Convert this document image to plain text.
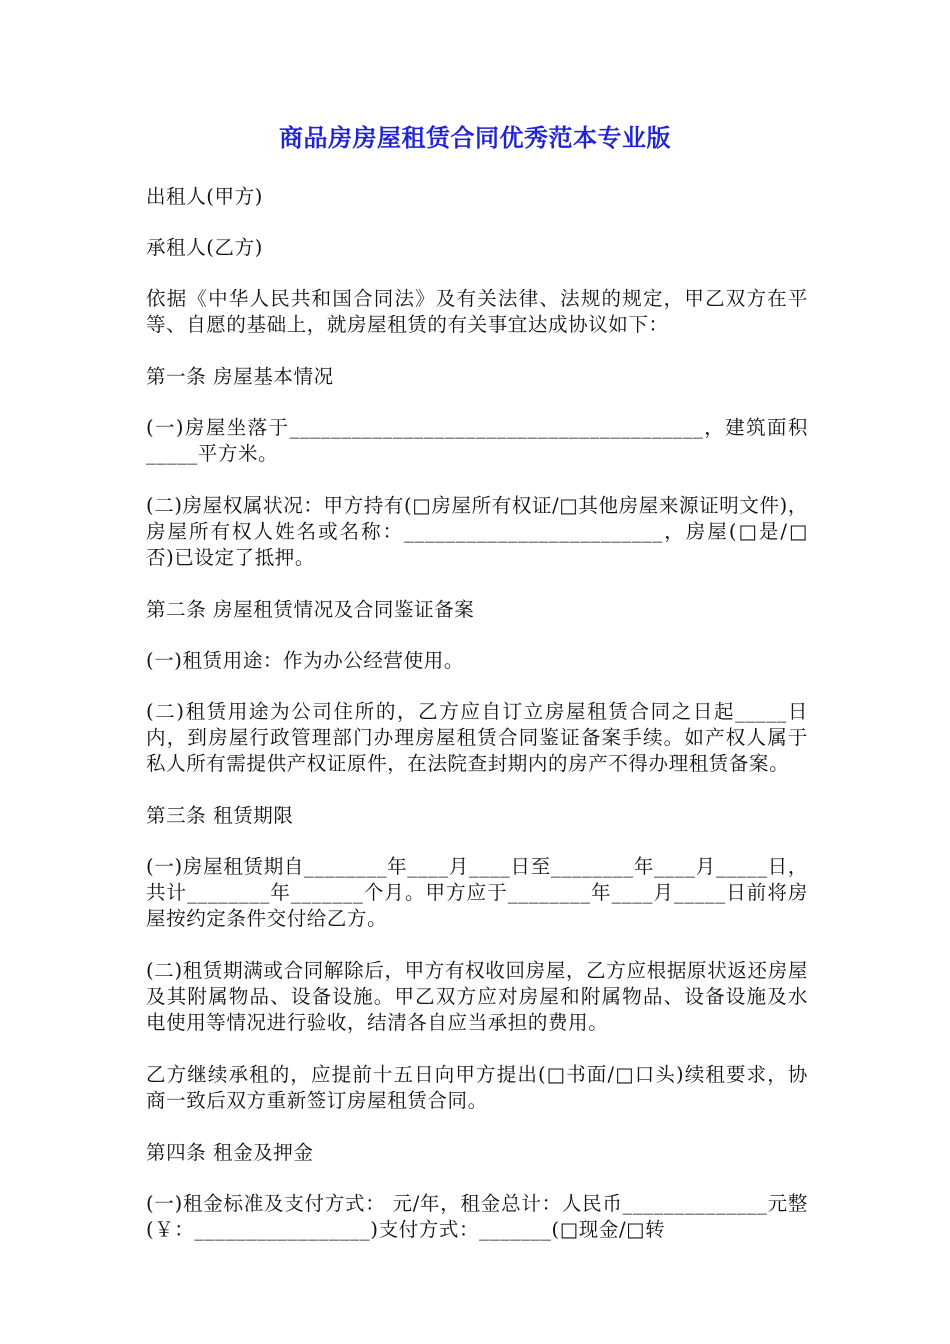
商品房房屋租赁合同优秀范本专业版

出租人(甲方)

承租人(乙方)

依据《中华人民共和国合同法》及有关法律、法规的规定，甲乙双方在平等、自愿的基础上，就房屋租赁的有关事宜达成协议如下：

第一条 房屋基本情况

(一)房屋坐落于________________________________________，建筑面积 _____平方米。

(二)房屋权属状况：甲方持有(□房屋所有权证/□其他房屋来源证明文件)，房屋所有权人姓名或名称：_________________________，房屋(□是/□否)已设定了抵押。

第二条 房屋租赁情况及合同鉴证备案

(一)租赁用途：作为办公经营使用。

(二)租赁用途为公司住所的，乙方应自订立房屋租赁合同之日起_____日内，到房屋行政管理部门办理房屋租赁合同鉴证备案手续。如产权人属于私人所有需提供产权证原件，在法院查封期内的房产不得办理租赁备案。

第三条 租赁期限

(一)房屋租赁期自________年____月____日至________年____月_____日，共计________年_______个月。甲方应于________年____月_____日前将房屋按约定条件交付给乙方。

(二)租赁期满或合同解除后，甲方有权收回房屋，乙方应根据原状返还房屋及其附属物品、设备设施。甲乙双方应对房屋和附属物品、设备设施及水电使用等情况进行验收，结清各自应当承担的费用。

乙方继续承租的，应提前十五日向甲方提出(□书面/□口头)续租要求，协商一致后双方重新签订房屋租赁合同。

第四条 租金及押金

(一)租金标准及支付方式： 元/年，租金总计：人民币______________元整(￥：_________________)支付方式：_______(□现金/□转
